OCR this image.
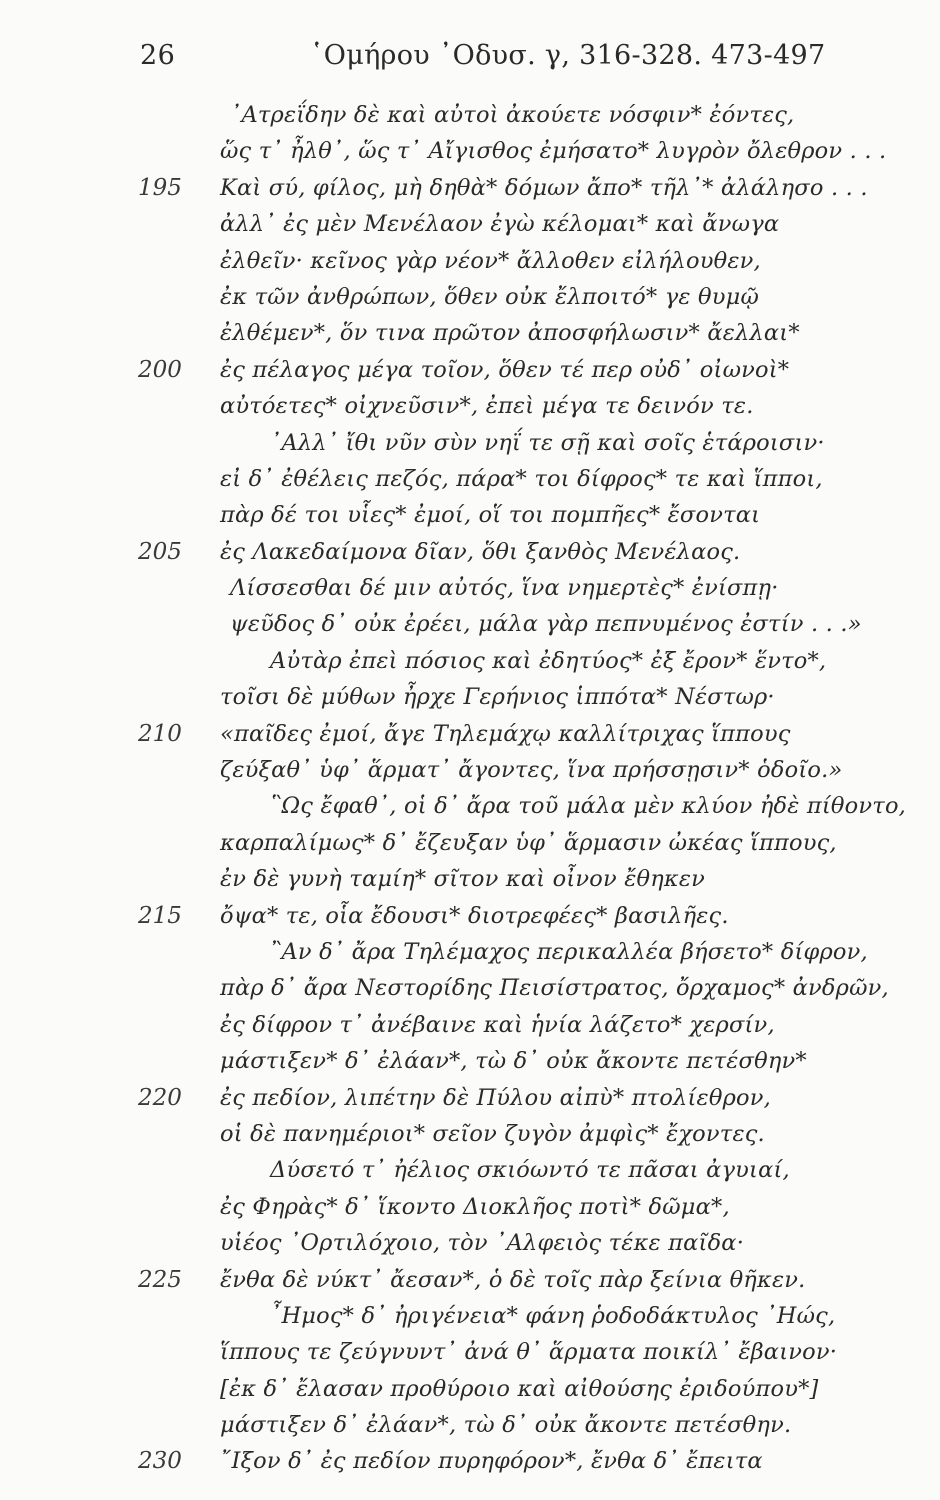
26	῾Ομήρου ᾿Οδυσ. γ, 316-328. 473-497
᾿Ατρεΐδην δὲ καὶ αὐτοὶ ἀκούετε νόσφιν* ἐόντες,
ὥς τ᾿ ἦλθ᾿, ὥς τ᾿ Αἴγισθος ἐμήσατο* λυγρὸν ὄλεθρον . . .
195 Καὶ σύ, φίλος, μὴ δηθὰ* δόμων ἄπο* τῆλ᾿* ἀλάλησο . . .
ἀλλ᾿ ἐς μὲν Μενέλαον ἐγὼ κέλομαι* καὶ ἄνωγα
ἐλθεῖν· κεῖνος γὰρ νέον* ἄλλοθεν εἰλήλουθεν,
ἐκ τῶν ἀνθρώπων, ὅθεν οὐκ ἔλποιτό* γε θυμῷ
ἐλθέμεν*, ὅν τινα πρῶτον ἀποσφήλωσιν* ἄελλαι*
200 ἐς πέλαγος μέγα τοῖον, ὅθεν τέ περ οὐδ᾿ οἰωνοὶ*
αὐτόετες* οἰχνεῦσιν*, ἐπεὶ μέγα τε δεινόν τε.
᾿Αλλ᾿ ἴθι νῦν σὺν νηΐ τε σῇ καὶ σοῖς ἑτάροισιν·
εἰ δ᾿ ἐθέλεις πεζός, πάρα* τοι δίφρος* τε καὶ ἵπποι,
πὰρ δέ τοι υἷες* ἐμοί, οἵ τοι πομπῆες* ἔσονται
205 ἐς Λακεδαίμονα δῖαν, ὅθι ξανθὸς Μενέλαος.
Λίσσεσθαι δέ μιν αὐτός, ἵνα νημερτὲς* ἐνίσπῃ·
ψεῦδος δ᾿ οὐκ ἐρέει, μάλα γὰρ πεπνυμένος ἐστίν . . .»
Αὐτὰρ ἐπεὶ πόσιος καὶ ἐδητύος* ἐξ ἔρον* ἕντο*,
τοῖσι δὲ μύθων ἦρχε Γερήνιος ἱππότα* Νέστωρ·
210 «παῖδες ἐμοί, ἄγε Τηλεμάχῳ καλλίτριχας ἵππους
ζεύξαθ᾿ ὑφ᾿ ἅρματ᾿ ἄγοντες, ἵνα πρήσσῃσιν* ὁδοῖο.»
῝Ως ἔφαθ᾿, οἱ δ᾿ ἄρα τοῦ μάλα μὲν κλύον ἠδὲ πίθοντο,
καρπαλίμως* δ᾿ ἔζευξαν ὑφ᾿ ἅρμασιν ὠκέας ἵππους,
ἐν δὲ γυνὴ ταμίη* σῖτον καὶ οἶνον ἔθηκεν
215 ὄψα* τε, οἷα ἔδουσι* διοτρεφέες* βασιλῆες.
῍Αν δ᾿ ἄρα Τηλέμαχος περικαλλέα βήσετο* δίφρον,
πὰρ δ᾿ ἄρα Νεστορίδης Πεισίστρατος, ὄρχαμος* ἀνδρῶν,
ἐς δίφρον τ᾿ ἀνέβαινε καὶ ἡνία λάζετο* χερσίν,
μάστιξεν* δ᾿ ἐλάαν*, τὼ δ᾿ οὐκ ἄκοντε πετέσθην*
220 ἐς πεδίον, λιπέτην δὲ Πύλου αἰπὺ* πτολίεθρον,
οἱ δὲ πανημέριοι* σεῖον ζυγὸν ἀμφὶς* ἔχοντες.
Δύσετό τ᾿ ἠέλιος σκιόωντό τε πᾶσαι ἀγυιαί,
ἐς Φηρὰς* δ᾿ ἵκοντο Διοκλῆος ποτὶ* δῶμα*,
υἱέος ᾿Ορτιλόχοιο, τὸν ᾿Αλφειὸς τέκε παῖδα·
225 ἔνθα δὲ νύκτ᾿ ἄεσαν*, ὁ δὲ τοῖς πὰρ ξείνια θῆκεν.
῏Ημος* δ᾿ ἠριγένεια* φάνη ῥοδοδάκτυλος ᾿Ηώς,
ἵππους τε ζεύγνυντ᾿ ἀνά θ᾿ ἅρματα ποικίλ᾿ ἔβαινον·
[ἐκ δ᾿ ἔλασαν προθύροιο καὶ αἰθούσης ἐριδούπου*]
μάστιξεν δ᾿ ἐλάαν*, τὼ δ᾿ οὐκ ἄκοντε πετέσθην.
230 ῎Ιξον δ᾿ ἐς πεδίον πυρηφόρον*, ἔνθα δ᾿ ἔπειτα
